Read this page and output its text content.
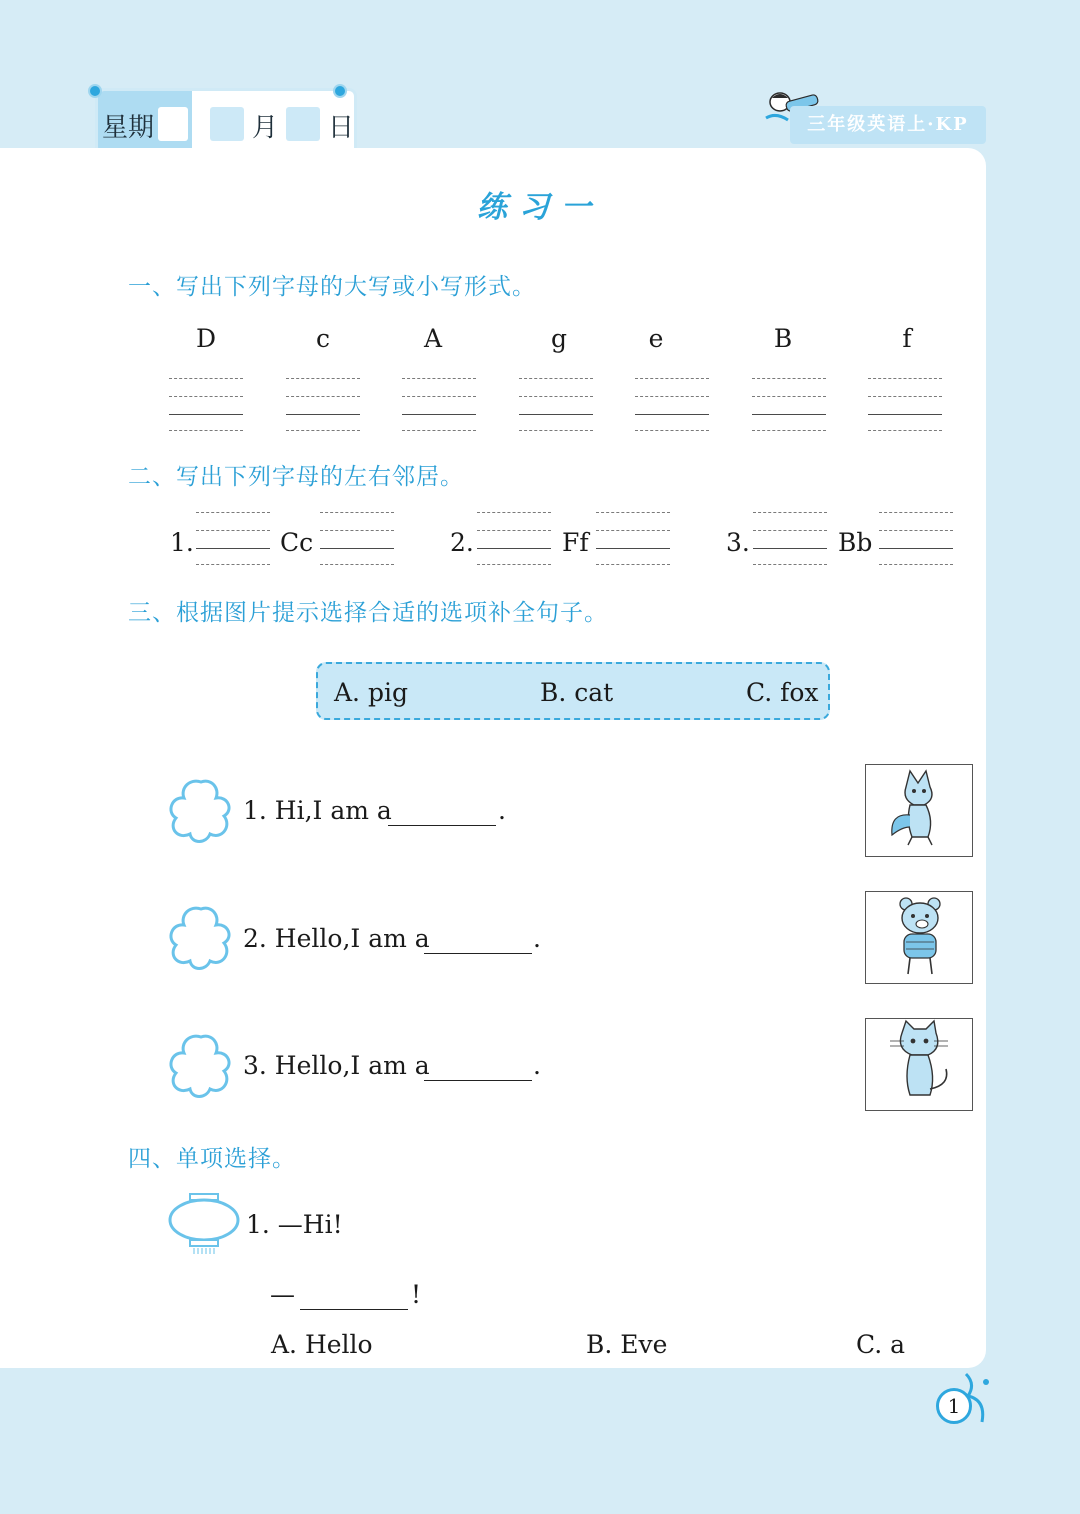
星期	月 日	三年级英语上·KP
练习一
一、写出下列字母的大写或小写形式。
D	c	A	g	e	B	f
二、写出下列字母的左右邻居。
1.	Cc	2.	Ff	3.	Bb
三、根据图片提示选择合适的选项补全句子。
A. pig	B. cat	C. fox
1. Hi,I am a	.
2. Hello,I am a	.
3. Hello,I am a	.
四、单项选择。
1. —Hi!
—	!
A. Hello	B. Eve	C. a
1
